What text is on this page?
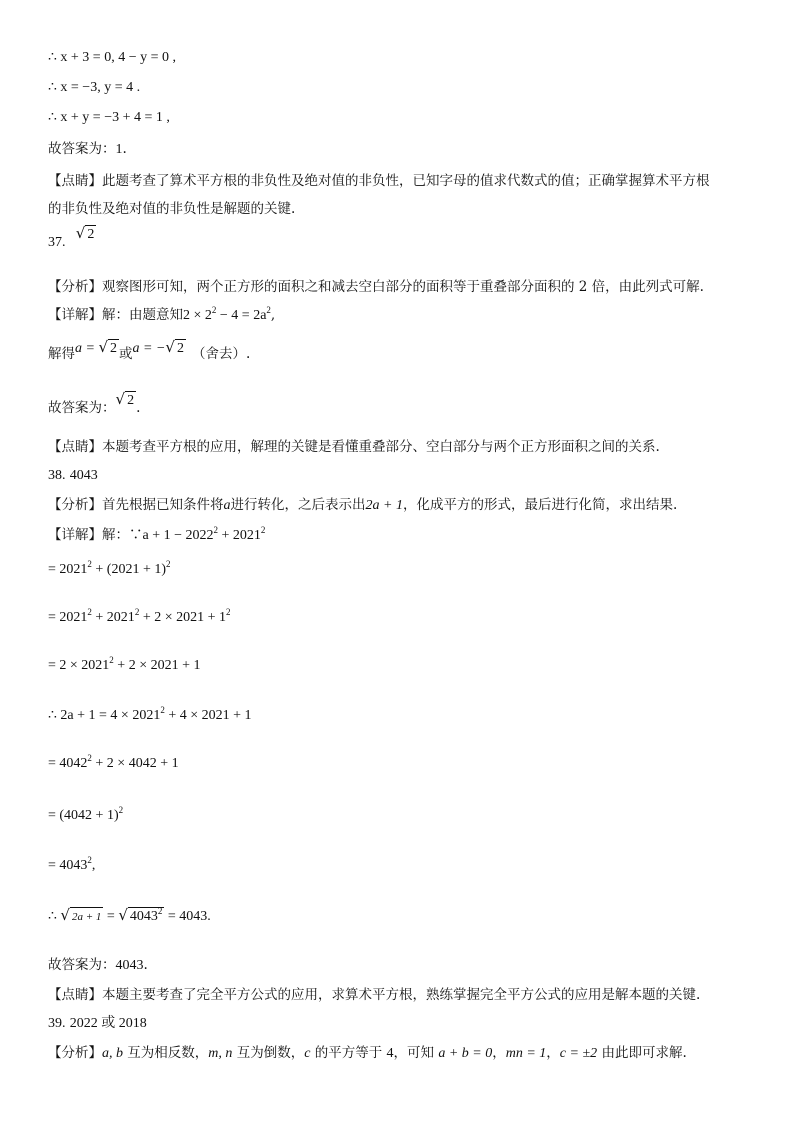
∴ x + 3 = 0, 4 − y = 0 ,
∴ x = −3, y = 4 .
∴ x + y = −3 + 4 = 1 ,
故答案为：1.
【点睛】此题考查了算术平方根的非负性及绝对值的非负性，已知字母的值求代数式的值；正确掌握算术平方根
的非负性及绝对值的非负性是解题的关键.
37. √ 2
【分析】观察图形可知，两个正方形的面积之和减去空白部分的面积等于重叠部分面积的 2 倍，由此列式可解.
【详解】解：由题意知$2 \times 2^2 - 4 = 2a^2$,
解得a = √ 2 或a = −√ 2 （舍去）.
故答案为：√ 2 .
【点睛】本题考查平方根的应用，解理的关键是看懂重叠部分、空白部分与两个正方形面积之间的关系.
38. 4043
【分析】首先根据已知条件将a进行转化，之后表示出2a + 1，化成平方的形式，最后进行化简，求出结果.
【详解】解：∵a + $1 - 2022^2 + 2021^2$
= $2021^2 + (2021 + 1)^2$
= $2021^2 + 2021^2 + 2 \times 2021 + 1^2$
= $2 \times 2021^2 + 2 \times 2021 + 1$
∴ $2a + 1 = 4 \times 2021^2 + 4 \times 2021 + 1$
= $4042^2 + 2 \times 4042 + 1$
= $(4042 + 1)^2$
= $4043^2$,
∴ √ 2a + 1 = √ $4043^2 = 4043$.
故答案为：4043.
【点睛】本题主要考查了完全平方公式的应用，求算术平方根，熟练掌握完全平方公式的应用是解本题的关键.
39. 2022 或 2018
【分析】a, b 互为相反数，m, n 互为倒数，c 的平方等于 4，可知 a + b = 0，mn = 1，c = ±2 由此即可求解.
